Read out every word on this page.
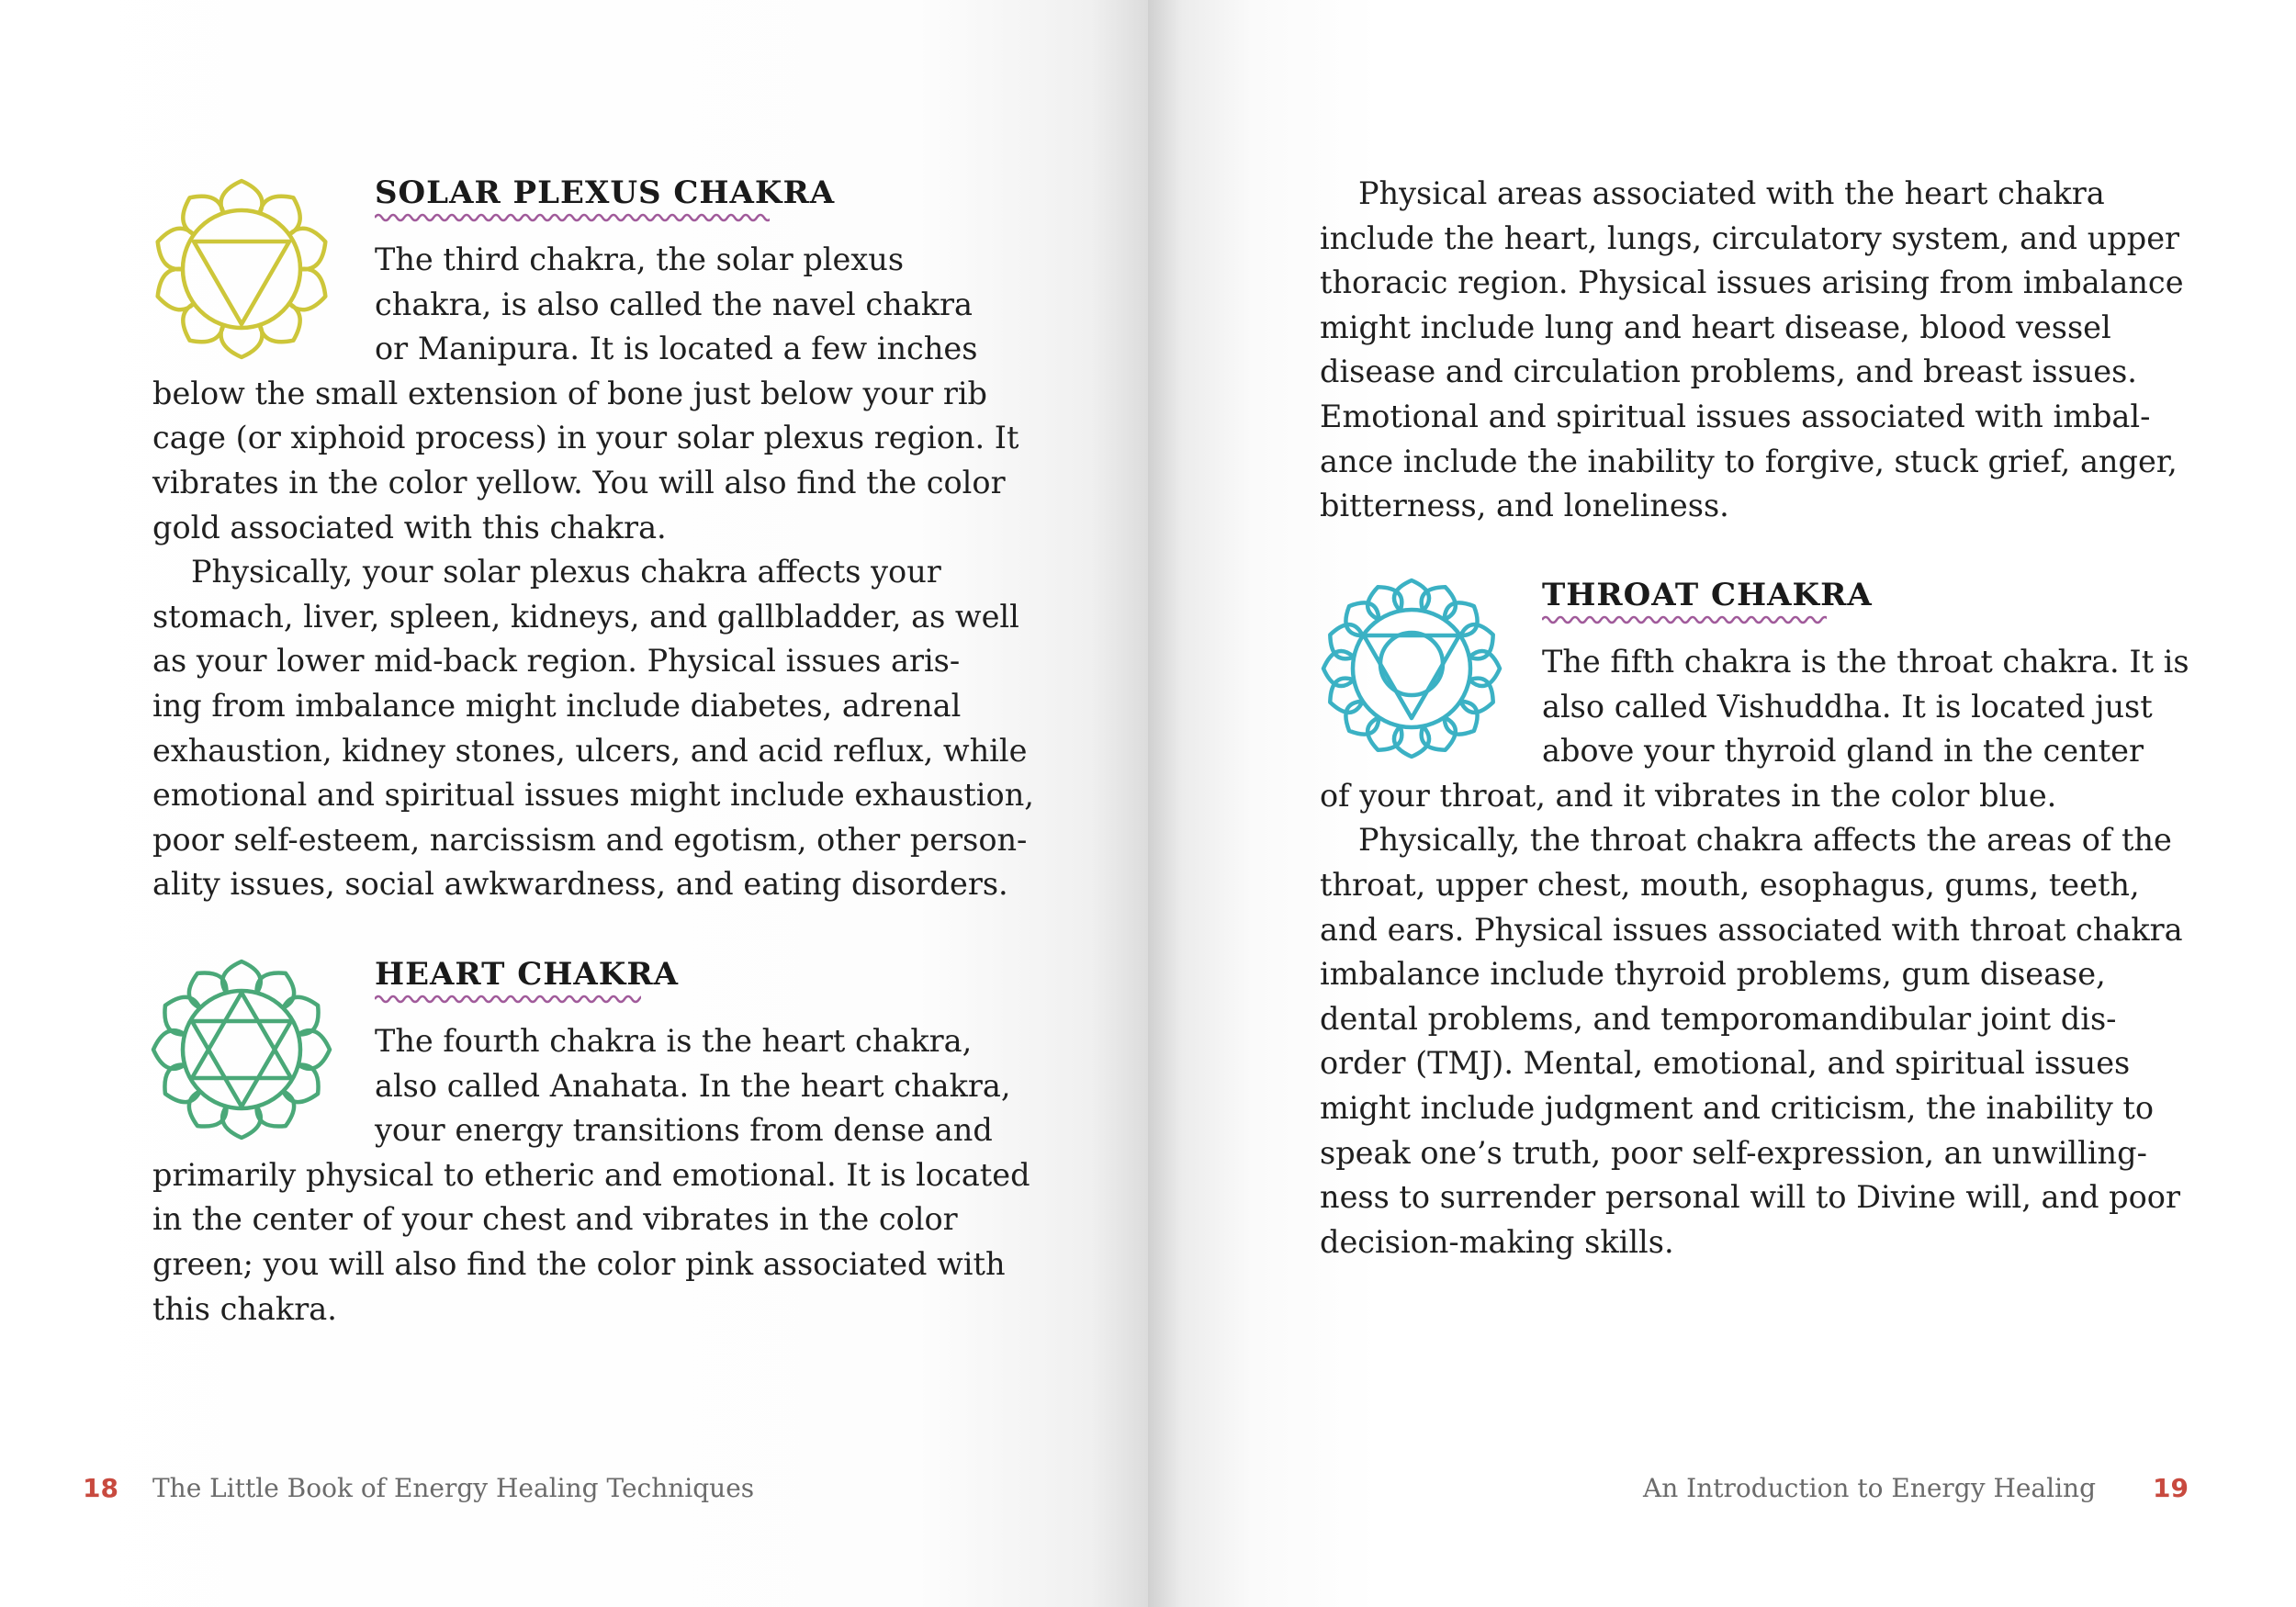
SOLAR PLEXUS CHAKRA
The third chakra, the solar plexus
chakra, is also called the navel chakra
or Manipura. It is located a few inches
below the small extension of bone just below your rib
cage (or xiphoid process) in your solar plexus region. It
vibrates in the color yellow. You will also find the color
gold associated with this chakra.
Physically, your solar plexus chakra affects your
stomach, liver, spleen, kidneys, and gallbladder, as well
as your lower mid-back region. Physical issues aris-
ing from imbalance might include diabetes, adrenal
exhaustion, kidney stones, ulcers, and acid reflux, while
emotional and spiritual issues might include exhaustion,
poor self-esteem, narcissism and egotism, other person-
ality issues, social awkwardness, and eating disorders.
HEART CHAKRA
The fourth chakra is the heart chakra,
also called Anahata. In the heart chakra,
your energy transitions from dense and
primarily physical to etheric and emotional. It is located
in the center of your chest and vibrates in the color
green; you will also find the color pink associated with
this chakra.

18 The Little Book of Energy Healing Techniques

Physical areas associated with the heart chakra
include the heart, lungs, circulatory system, and upper
thoracic region. Physical issues arising from imbalance
might include lung and heart disease, blood vessel
disease and circulation problems, and breast issues.
Emotional and spiritual issues associated with imbal-
ance include the inability to forgive, stuck grief, anger,
bitterness, and loneliness.
THROAT CHAKRA
The fifth chakra is the throat chakra. It is
also called Vishuddha. It is located just
above your thyroid gland in the center
of your throat, and it vibrates in the color blue.
Physically, the throat chakra affects the areas of the
throat, upper chest, mouth, esophagus, gums, teeth,
and ears. Physical issues associated with throat chakra
imbalance include thyroid problems, gum disease,
dental problems, and temporomandibular joint dis-
order (TMJ). Mental, emotional, and spiritual issues
might include judgment and criticism, the inability to
speak one’s truth, poor self-expression, an unwilling-
ness to surrender personal will to Divine will, and poor
decision-making skills.

An Introduction to Energy Healing 19
